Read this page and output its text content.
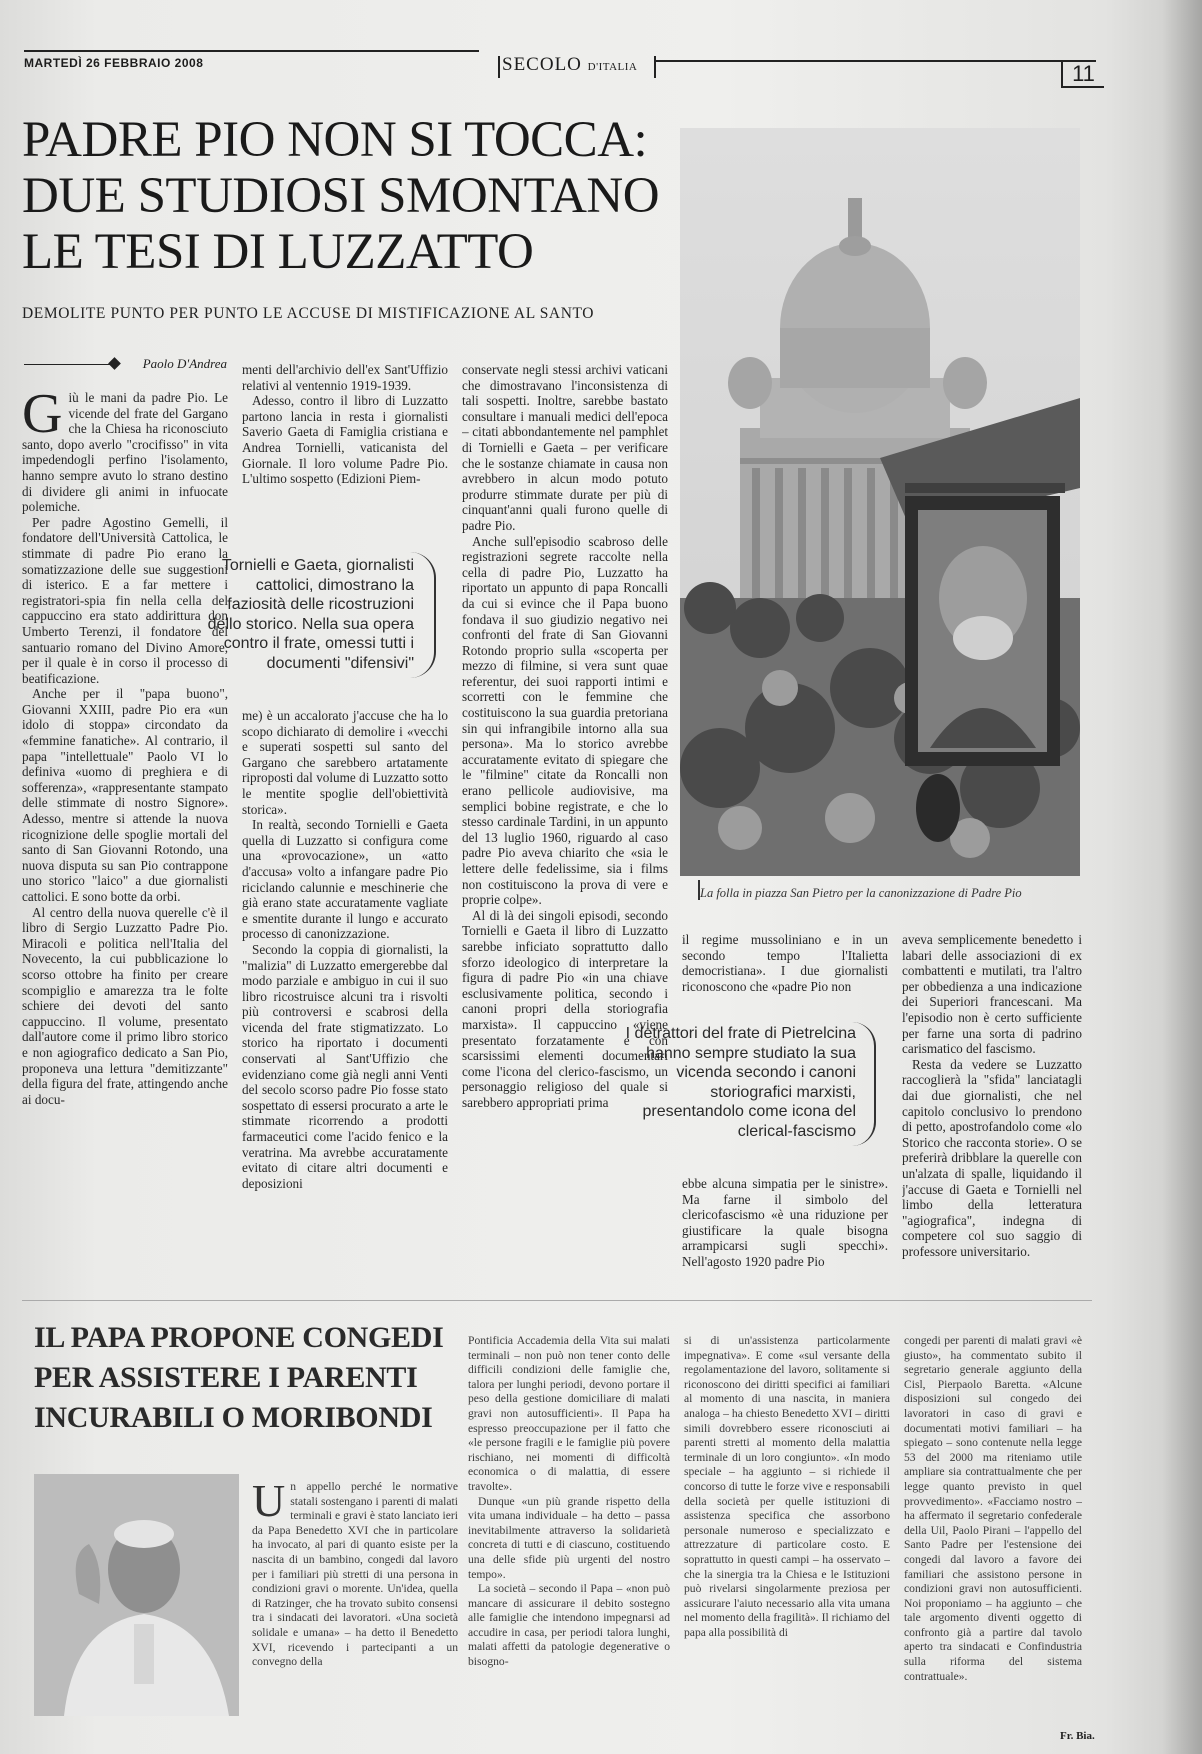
MARTEDÌ 26 FEBBRAIO 2008	SECOLO D'ITALIA	11
PADRE PIO NON SI TOCCA: DUE STUDIOSI SMONTANO LE TESI DI LUZZATTO
DEMOLITE PUNTO PER PUNTO LE ACCUSE DI MISTIFICAZIONE AL SANTO
Paolo D'Andrea

Giù le mani da padre Pio. Le vicende del frate del Gargano che la Chiesa ha riconosciuto santo, dopo averlo "crocifisso" in vita impedendogli perfino l'isolamento, hanno sempre avuto lo strano destino di dividere gli animi in infuocate polemiche.

Per padre Agostino Gemelli, il fondatore dell'Università Cattolica, le stimmate di padre Pio erano la somatizzazione delle sue suggestioni di isterico. E a far mettere i registratori-spia fin nella cella del cappuccino era stato addirittura don Umberto Terenzi, il fondatore del santuario romano del Divino Amore, per il quale è in corso il processo di beatificazione.

Anche per il "papa buono", Giovanni XXIII, padre Pio era «un idolo di stoppa» circondato da «femmine fanatiche». Al contrario, il papa "intellettuale" Paolo VI lo definiva «uomo di preghiera e di sofferenza», «rappresentante stampato delle stimmate di nostro Signore». Adesso, mentre si attende la nuova ricognizione delle spoglie mortali del santo di San Giovanni Rotondo, una nuova disputa su san Pio contrappone uno storico "laico" a due giornalisti cattolici. E sono botte da orbi.

Al centro della nuova querelle c'è il libro di Sergio Luzzatto Padre Pio. Miracoli e politica nell'Italia del Novecento, la cui pubblicazione lo scorso ottobre ha finito per creare scompiglio e amarezza tra le folte schiere dei devoti del santo cappuccino. Il volume, presentato dall'autore come il primo libro storico e non agiografico dedicato a San Pio, proponeva una lettura "demitizzante" della figura del frate, attingendo anche ai docu-

menti dell'archivio dell'ex Sant'Uffizio relativi al ventennio 1919-1939.

Adesso, contro il libro di Luzzatto partono lancia in resta i giornalisti Saverio Gaeta di Famiglia cristiana e Andrea Tornielli, vaticanista del Giornale. Il loro volume Padre Pio. L'ultimo sospetto (Edizioni Piem-

Tornielli e Gaeta, giornalisti cattolici, dimostrano la faziosità delle ricostruzioni dello storico. Nella sua opera contro il frate, omessi tutti i documenti "difensivi"

me) è un accalorato j'accuse che ha lo scopo dichiarato di demolire i «vecchi e superati sospetti sul santo del Gargano che sarebbero artatamente riproposti dal volume di Luzzatto sotto le mentite spoglie dell'obiettività storica».

In realtà, secondo Tornielli e Gaeta quella di Luzzatto si configura come una «provocazione», un «atto d'accusa» volto a infangare padre Pio riciclando calunnie e meschinerie che già erano state accuratamente vagliate e smentite durante il lungo e accurato processo di canonizzazione.

Secondo la coppia di giornalisti, la "malizia" di Luzzatto emergerebbe dal modo parziale e ambiguo in cui il suo libro ricostruisce alcuni tra i risvolti più controversi e scabrosi della vicenda del frate stigmatizzato. Lo storico ha riportato i documenti conservati al Sant'Uffizio che evidenziano come già negli anni Venti del secolo scorso padre Pio fosse stato sospettato di essersi procurato a arte le stimmate ricorrendo a prodotti farmaceutici come l'acido fenico e la veratrina. Ma avrebbe accuratamente evitato di citare altri documenti e deposizioni

conservate negli stessi archivi vaticani che dimostravano l'inconsistenza di tali sospetti. Inoltre, sarebbe bastato consultare i manuali medici dell'epoca – citati abbondantemente nel pamphlet di Tornielli e Gaeta – per verificare che le sostanze chiamate in causa non avrebbero in alcun modo potuto produrre stimmate durate per più di cinquant'anni quali furono quelle di padre Pio.

Anche sull'episodio scabroso delle registrazioni segrete raccolte nella cella di padre Pio, Luzzatto ha riportato un appunto di papa Roncalli da cui si evince che il Papa buono fondava il suo giudizio negativo nei confronti del frate di San Giovanni Rotondo proprio sulla «scoperta per mezzo di filmine, si vera sunt quae referentur, dei suoi rapporti intimi e scorretti con le femmine che costituiscono la sua guardia pretoriana sin qui infrangibile intorno alla sua persona». Ma lo storico avrebbe accuratamente evitato di spiegare che le "filmine" citate da Roncalli non erano pellicole audiovisive, ma semplici bobine registrate, e che lo stesso cardinale Tardini, in un appunto del 13 luglio 1960, riguardo al caso padre Pio aveva chiarito che «sia le lettere delle fedelissime, sia i films non costituiscono la prova di vere e proprie colpe».

Al di là dei singoli episodi, secondo Tornielli e Gaeta il libro di Luzzatto sarebbe inficiato soprattutto dallo sforzo ideologico di interpretare la figura di padre Pio «in una chiave esclusivamente politica, secondo i canoni propri della storiografia marxista». Il cappuccino «viene presentato forzatamente e con scarsissimi elementi documentari come l'icona del clerico-fascismo, un personaggio religioso del quale si sarebbero appropriati prima

La folla in piazza San Pietro per la canonizzazione di Padre Pio

il regime mussoliniano e in un secondo tempo l'Italietta democristiana». I due giornalisti riconoscono che «padre Pio non

I detrattori del frate di Pietrelcina hanno sempre studiato la sua vicenda secondo i canoni storiografici marxisti, presentandolo come icona del clerical-fascismo

ebbe alcuna simpatia per le sinistre». Ma farne il simbolo del clericofascismo «è una riduzione per giustificare la quale bisogna arrampicarsi sugli specchi». Nell'agosto 1920 padre Pio

aveva semplicemente benedetto i labari delle associazioni di ex combattenti e mutilati, tra l'altro per obbedienza a una indicazione dei Superiori francescani. Ma l'episodio non è certo sufficiente per farne una sorta di padrino carismatico del fascismo.

Resta da vedere se Luzzatto raccoglierà la "sfida" lanciatagli dai due giornalisti, che nel capitolo conclusivo lo prendono di petto, apostrofandolo come «lo Storico che racconta storie». O se preferirà dribblare la querelle con un'alzata di spalle, liquidando il j'accuse di Gaeta e Tornielli nel limbo della letteratura "agiografica", indegna di competere col suo saggio di professore universitario.

IL PAPA PROPONE CONGEDI PER ASSISTERE I PARENTI INCURABILI O MORIBONDI

Un appello perché le normative statali sostengano i parenti di malati terminali e gravi è stato lanciato ieri da Papa Benedetto XVI che in particolare ha invocato, al pari di quanto esiste per la nascita di un bambino, congedi dal lavoro per i familiari più stretti di una persona in condizioni gravi o morente. Un'idea, quella di Ratzinger, che ha trovato subito consensi tra i sindacati dei lavoratori. «Una società solidale e umana» – ha detto il Benedetto XVI, ricevendo i partecipanti a un convegno della

Pontificia Accademia della Vita sui malati terminali – non può non tener conto delle difficili condizioni delle famiglie che, talora per lunghi periodi, devono portare il peso della gestione domiciliare di malati gravi non autosufficienti». Il Papa ha espresso preoccupazione per il fatto che «le persone fragili e le famiglie più povere rischiano, nei momenti di difficoltà economica o di malattia, di essere travolte».

Dunque «un più grande rispetto della vita umana individuale – ha detto – passa inevitabilmente attraverso la solidarietà concreta di tutti e di ciascuno, costituendo una delle sfide più urgenti del nostro tempo».

La società – secondo il Papa – «non può mancare di assicurare il debito sostegno alle famiglie che intendono impegnarsi ad accudire in casa, per periodi talora lunghi, malati affetti da patologie degenerative o bisogno-

si di un'assistenza particolarmente impegnativa». E come «sul versante della regolamentazione del lavoro, solitamente si riconoscono dei diritti specifici ai familiari al momento di una nascita, in maniera analoga – ha chiesto Benedetto XVI – diritti simili dovrebbero essere riconosciuti ai parenti stretti al momento della malattia terminale di un loro congiunto». «In modo speciale – ha aggiunto – si richiede il concorso di tutte le forze vive e responsabili della società per quelle istituzioni di assistenza specifica che assorbono personale numeroso e specializzato e attrezzature di particolare costo. E soprattutto in questi campi – ha osservato – che la sinergia tra la Chiesa e le Istituzioni può rivelarsi singolarmente preziosa per assicurare l'aiuto necessario alla vita umana nel momento della fragilità». Il richiamo del papa alla possibilità di

congedi per parenti di malati gravi «è giusto», ha commentato subito il segretario generale aggiunto della Cisl, Pierpaolo Baretta. «Alcune disposizioni sul congedo dei lavoratori in caso di gravi e documentati motivi familiari – ha spiegato – sono contenute nella legge 53 del 2000 ma riteniamo utile ampliare sia contrattualmente che per legge quanto previsto in quel provvedimento». «Facciamo nostro – ha affermato il segretario confederale della Uil, Paolo Pirani – l'appello del Santo Padre per l'estensione dei congedi dal lavoro a favore dei familiari che assistono persone in condizioni gravi non autosufficienti. Noi proponiamo – ha aggiunto – che tale argomento diventi oggetto di confronto già a partire dal tavolo aperto tra sindacati e Confindustria sulla riforma del sistema contrattuale».

Fr. Bia.
